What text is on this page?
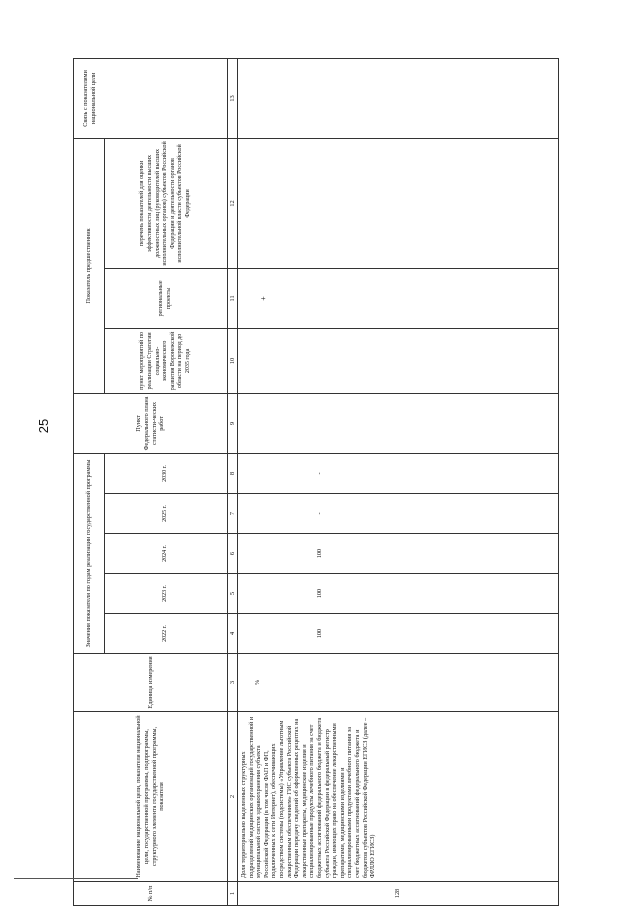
25
№ п/п	Наименование национальной цели, показателя национальной цели, государственной программы, подпрограммы, структурного элемента государственной программы, показателя	Единица измерения	Значения показателя по годам реализации государственной программы					Пункт Федерального плана статисти-ческих работ	Показатель предшественник			Связь с показателями национальной цели
			2022 г.	2023 г.	2024 г.	2025 г.	2030 г.		пункт мероприятий по реализации Стратегии социально-экономического развития Воронежской области на период до 2035 года	региональные проекты	перечень показателей для оценки эффективности деятельности высших должностных лиц (руководителей высших исполнительных органов) субъектов Российской Федерации и деятельности органов исполнительной власти субъектов Российской Федерации	
1	2	3	4	5	6	7	8	9	10	11	12	13
128	Доля территориально выделенных структурных подразделений медицинских организаций государственной и муниципальной систем здравоохранения субъекта Российской Федерации (в том числе ФАП и ФП, подключенных к сети Интернет), обеспечивающих посредством системы (подсистемы) «Управление льготным лекарственным обеспечением» ГИС субъекта Российской Федерации передачу сведений об оформленных рецептах на лекарственные препараты, медицинские изделия и специализированные продукты лечебного питания за счет бюджетных ассигнований федерального бюджета и бюджета субъекта Российской Федерации в федеральный регистр граждан, имеющих право на обеспечение лекарственными препаратами, медицинскими изделиями и специализированными продуктами лечебного питания за счет бюджетных ассигнований федерального бюджета и бюджетов субъектов Российской Федерации ЕГИСЗ (далее – ФРЛЛО ЕГИСЗ)	%	100	100	100	-	-			+		
